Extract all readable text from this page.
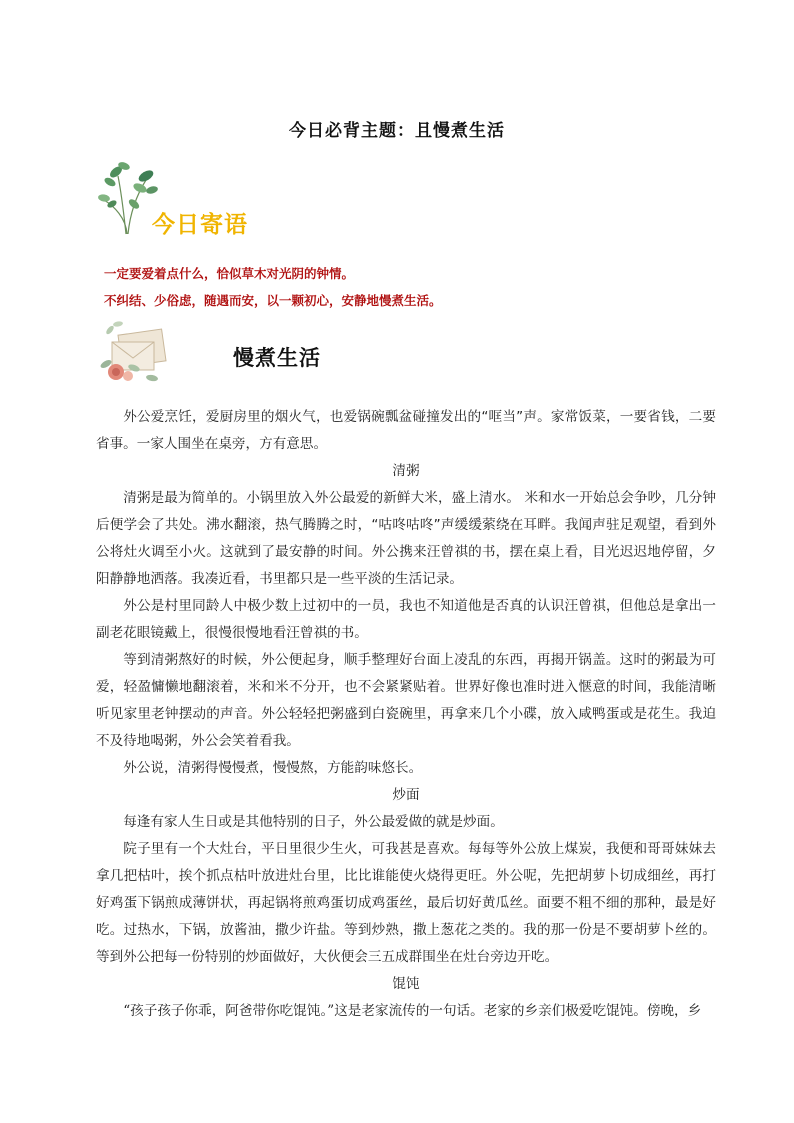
今日必背主题：且慢煮生活
今日寄语
一定要爱着点什么，恰似草木对光阴的钟情。
不纠结、少俗虑，随遇而安，以一颗初心，安静地慢煮生活。
慢煮生活

外公爱烹饪，爱厨房里的烟火气，也爱锅碗瓢盆碰撞发出的“哐当”声。家常饭菜，一要省钱，二要省事。一家人围坐在桌旁，方有意思。

清粥

清粥是最为简单的。小锅里放入外公最爱的新鲜大米，盛上清水。 米和水一开始总会争吵，几分钟后便学会了共处。沸水翻滚，热气腾腾之时，“咕咚咕咚”声缓缓萦绕在耳畔。我闻声驻足观望，看到外公将灶火调至小火。这就到了最安静的时间。外公携来汪曾祺的书，摆在桌上看，目光迟迟地停留，夕阳静静地洒落。我凑近看，书里都只是一些平淡的生活记录。

外公是村里同龄人中极少数上过初中的一员，我也不知道他是否真的认识汪曾祺，但他总是拿出一副老花眼镜戴上，很慢很慢地看汪曾祺的书。

等到清粥熬好的时候，外公便起身，顺手整理好台面上凌乱的东西，再揭开锅盖。这时的粥最为可爱，轻盈慵懒地翻滚着，米和米不分开，也不会紧紧贴着。世界好像也准时进入惬意的时间，我能清晰听见家里老钟摆动的声音。外公轻轻把粥盛到白瓷碗里，再拿来几个小碟，放入咸鸭蛋或是花生。我迫不及待地喝粥，外公会笑着看我。

外公说，清粥得慢慢煮，慢慢熬，方能韵味悠长。

炒面

每逢有家人生日或是其他特别的日子，外公最爱做的就是炒面。

院子里有一个大灶台，平日里很少生火，可我甚是喜欢。每每等外公放上煤炭，我便和哥哥妹妹去拿几把枯叶，挨个抓点枯叶放进灶台里，比比谁能使火烧得更旺。外公呢，先把胡萝卜切成细丝，再打好鸡蛋下锅煎成薄饼状，再起锅将煎鸡蛋切成鸡蛋丝，最后切好黄瓜丝。面要不粗不细的那种，最是好吃。过热水，下锅，放酱油，撒少许盐。等到炒熟，撒上葱花之类的。我的那一份是不要胡萝卜丝的。等到外公把每一份特别的炒面做好，大伙便会三五成群围坐在灶台旁边开吃。

馄饨

“孩子孩子你乖，阿爸带你吃馄饨。”这是老家流传的一句话。老家的乡亲们极爱吃馄饨。傍晚，乡
